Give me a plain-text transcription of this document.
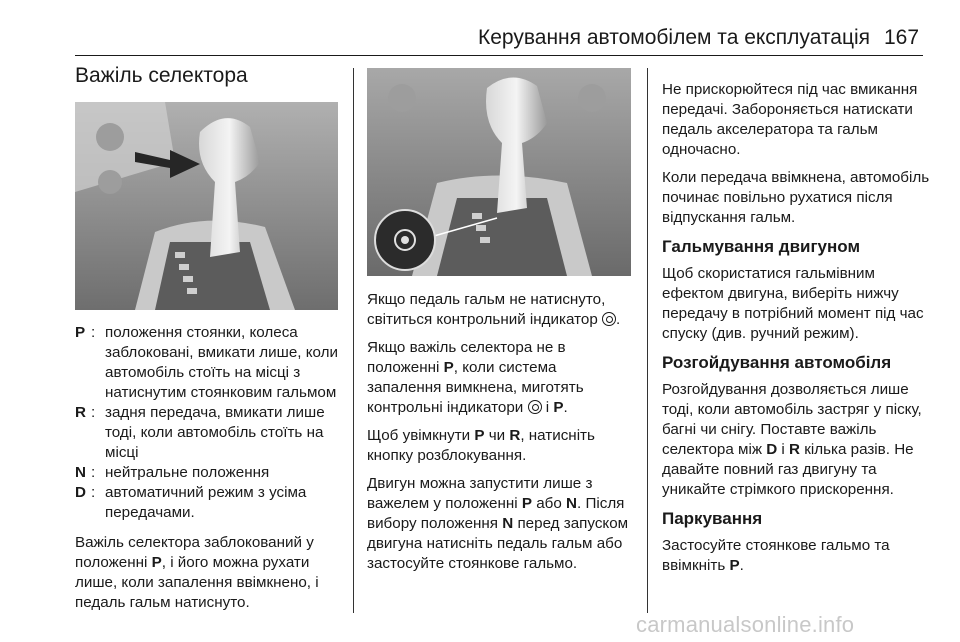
Керування автомобілем та експлуатація 167
Важіль селектора
P : положення стоянки, колеса заблоковані, вмикати лише, коли автомобіль стоїть на місці з натиснутим стоянковим гальмом
R : задня передача, вмикати лише тоді, коли автомобіль стоїть на місці
N : нейтральне положення
D : автоматичний режим з усіма передачами.

Важіль селектора заблокований у положенні P, і його можна рухати лише, коли запалення ввімкнено, і педаль гальм натиснуто.

Якщо педаль гальм не натиснуто, світиться контрольний індикатор .

Якщо важіль селектора не в положенні P, коли система запалення вимкнена, миготять контрольні індикатори  і P.

Щоб увімкнути P чи R, натисніть кнопку розблокування.

Двигун можна запустити лише з важелем у положенні P або N. Після вибору положення N перед запуском двигуна натисніть педаль гальм або застосуйте стоянкове гальмо.

Не прискорюйтеся під час вмикання передачі. Забороняється натискати педаль акселератора та гальм одночасно.

Коли передача ввімкнена, автомобіль починає повільно рухатися після відпускання гальм.

Гальмування двигуном

Щоб скористатися гальмівним ефектом двигуна, виберіть нижчу передачу в потрібний момент під час спуску (див. ручний режим).

Розгойдування автомобіля

Розгойдування дозволяється лише тоді, коли автомобіль застряг у піску, багні чи снігу. Поставте важіль селектора між D і R кілька разів. Не давайте повний газ двигуну та уникайте стрімкого прискорення.

Паркування

Застосуйте стоянкове гальмо та ввімкніть P.

carmanualsonline.info
